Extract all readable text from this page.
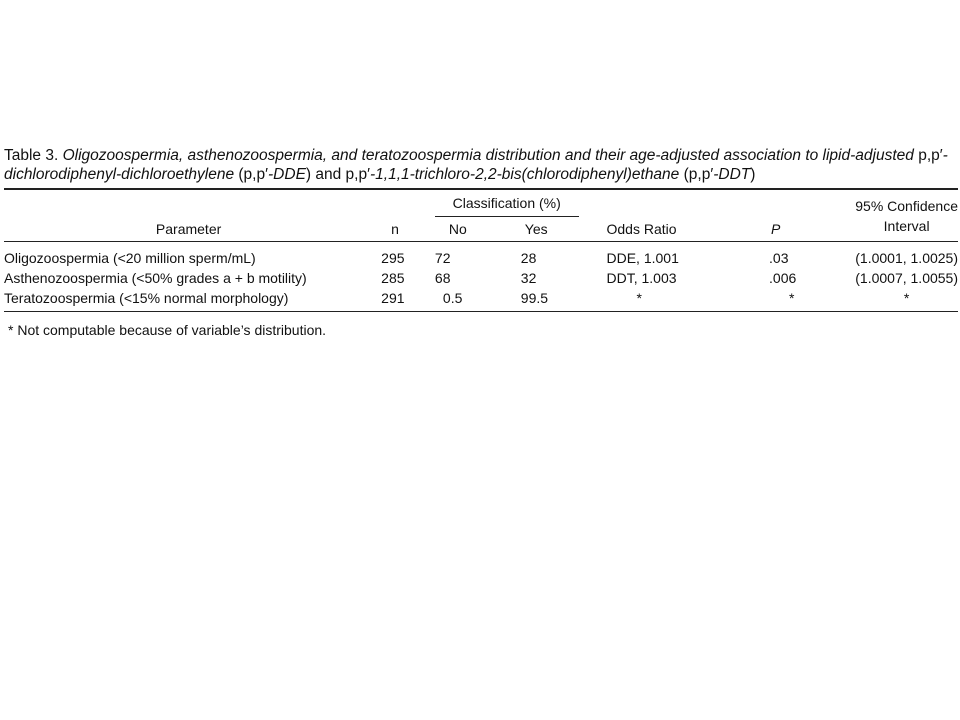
Table 3. Oligozoospermia, asthenozoospermia, and teratozoospermia distribution and their age-adjusted association to lipid-adjusted p,p′-dichlorodiphenyl-dichloroethylene (p,p′-DDE) and p,p′-1,1,1-trichloro-2,2-bis(chlorodiphenyl)ethane (p,p′-DDT)

Parameter	n	Classification (%)		Odds Ratio	P	95% Confidence
Interval

		No	Yes			

Oligozoospermia (<20 million sperm/mL)	295	72	28	DDE, 1.001	.03	(1.0001, 1.0025)
Asthenozoospermia (<50% grades a + b motility)	285	68	32	DDT, 1.003	.006	(1.0007, 1.0055)
Teratozoospermia (<15% normal morphology)	291	0.5	99.5	*	*	*
* Not computable because of variable’s distribution.
